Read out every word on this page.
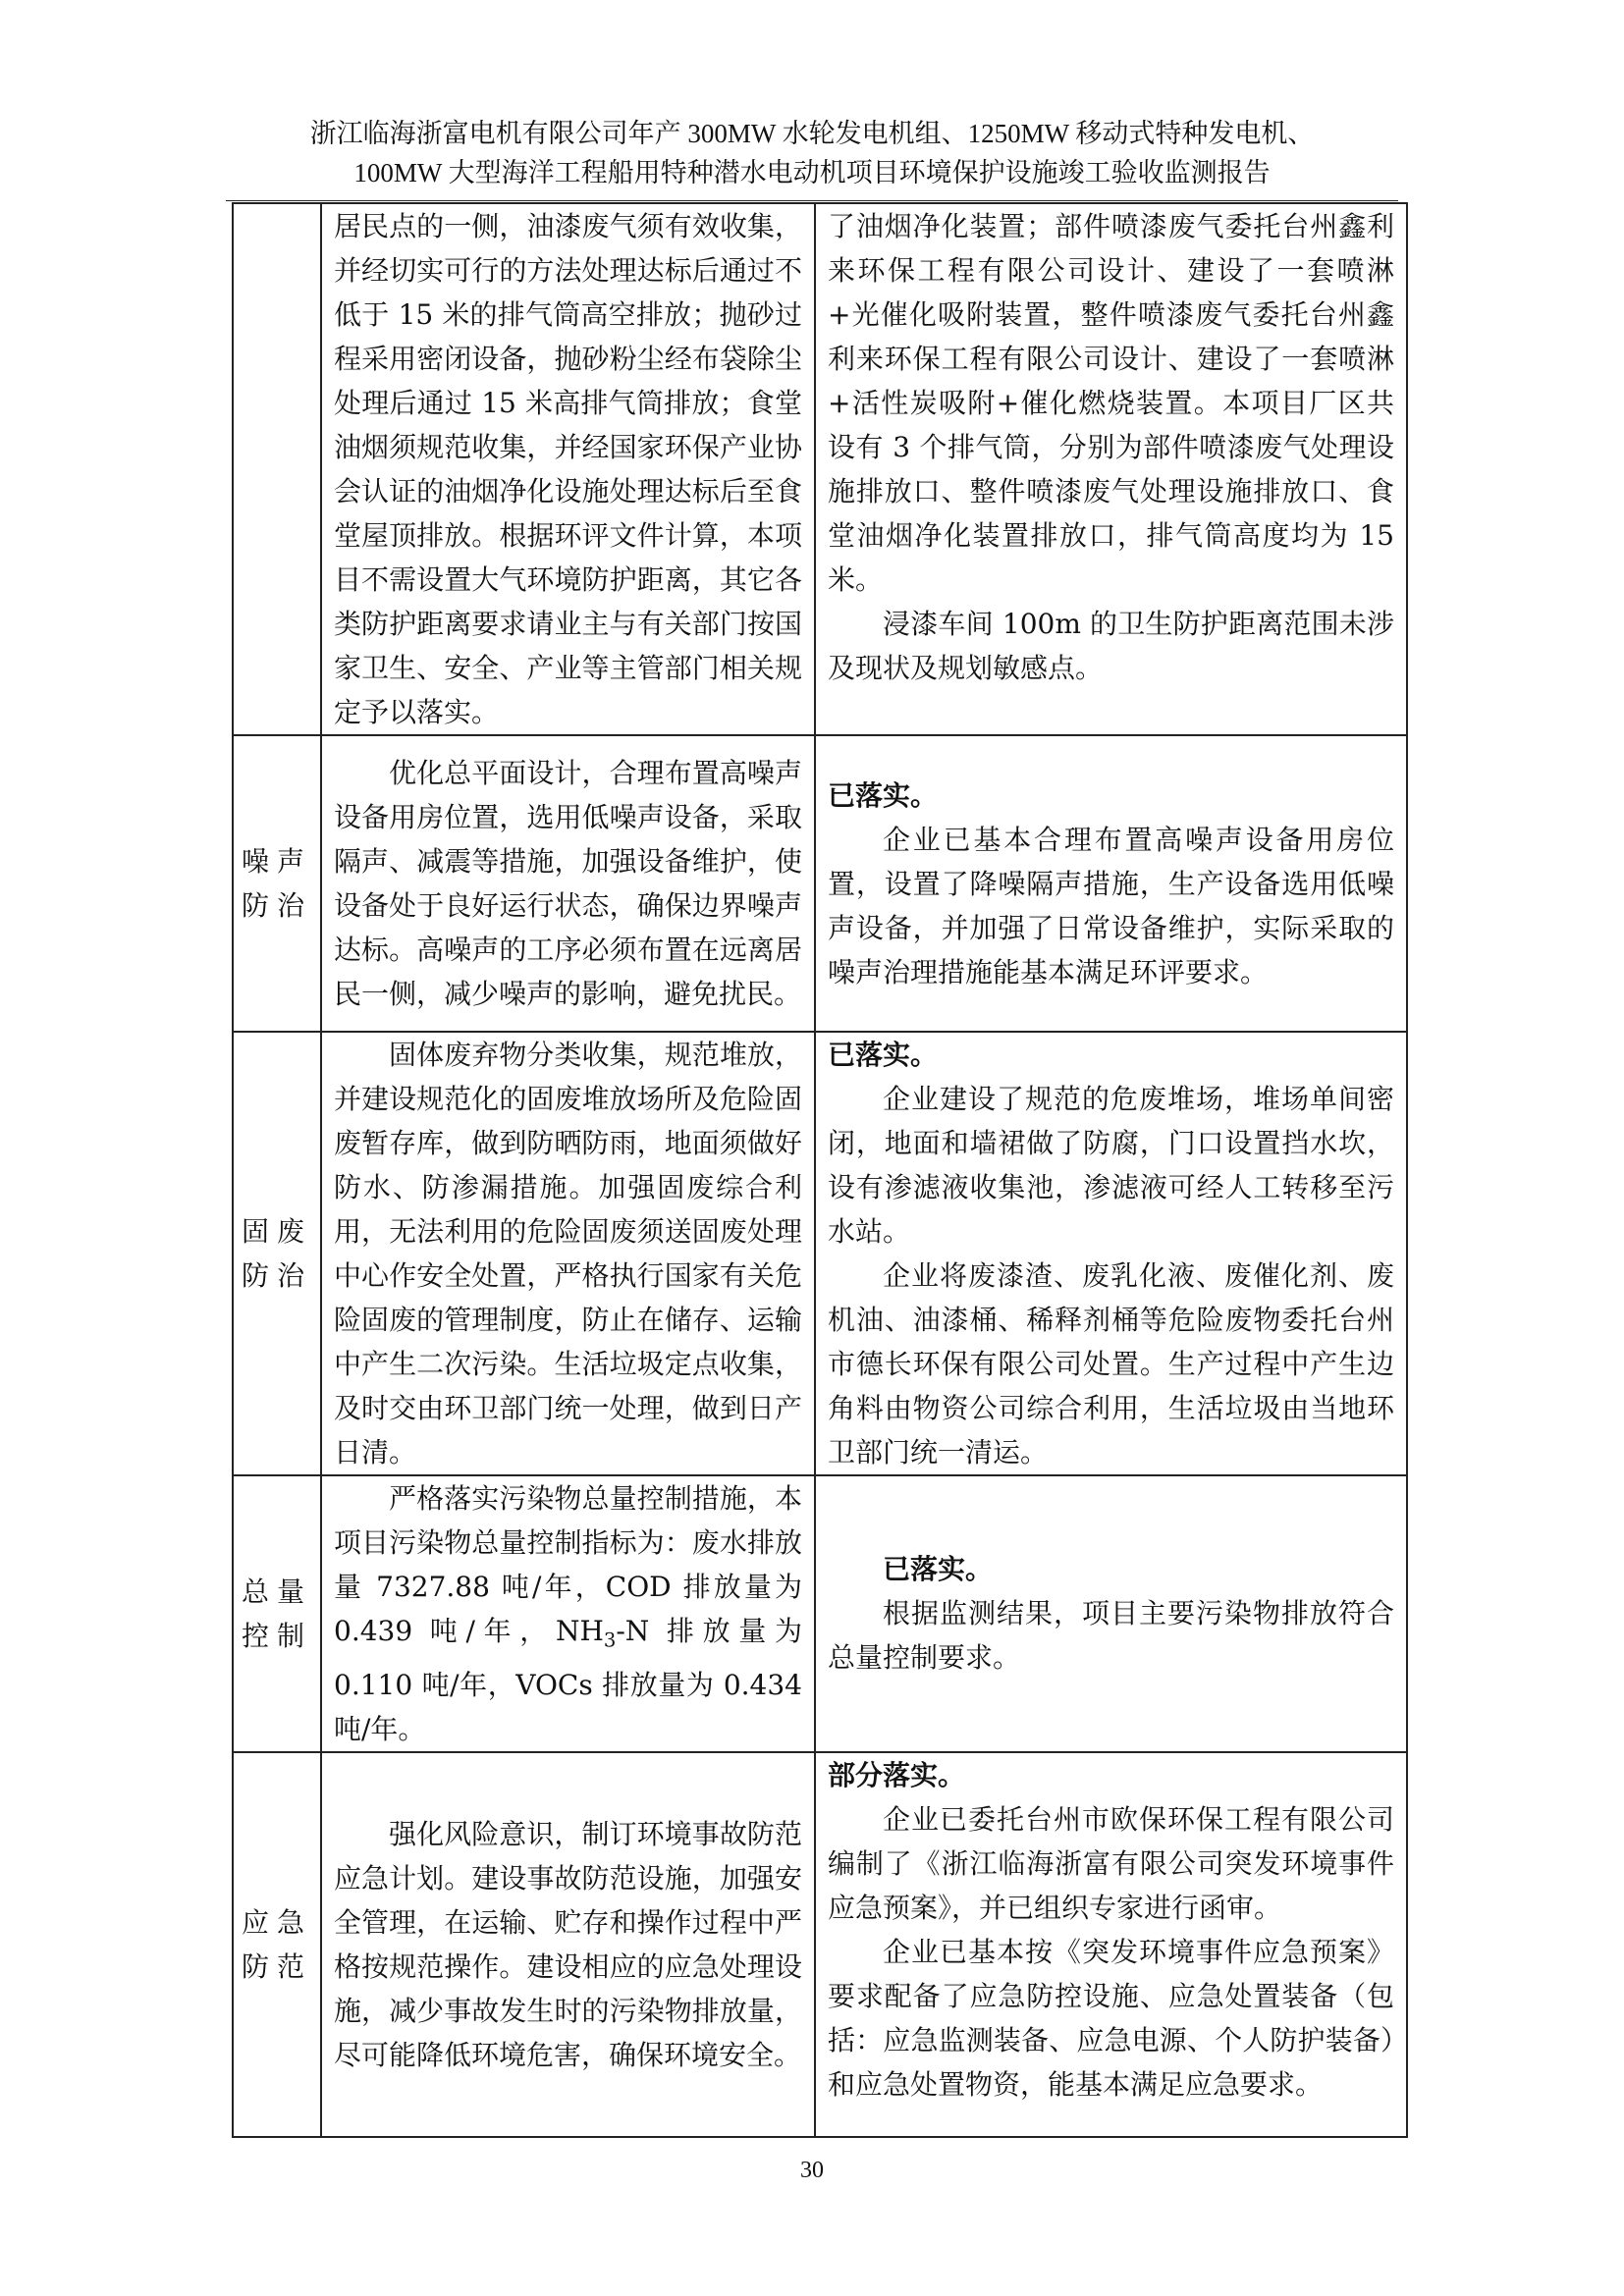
浙江临海浙富电机有限公司年产 300MW 水轮发电机组、1250MW 移动式特种发电机、
100MW 大型海洋工程船用特种潜水电动机项目环境保护设施竣工验收监测报告

	居民点的一侧，油漆废气须有效收集，并经切实可行的方法处理达标后通过不低于 15 米的排气筒高空排放；抛砂过程采用密闭设备，抛砂粉尘经布袋除尘处理后通过 15 米高排气筒排放；食堂油烟须规范收集，并经国家环保产业协会认证的油烟净化设施处理达标后至食堂屋顶排放。根据环评文件计算，本项目不需设置大气环境防护距离，其它各类防护距离要求请业主与有关部门按国家卫生、安全、产业等主管部门相关规定予以落实。	了油烟净化装置；部件喷漆废气委托台州鑫利来环保工程有限公司设计、建设了一套喷淋+光催化吸附装置，整件喷漆废气委托台州鑫利来环保工程有限公司设计、建设了一套喷淋+活性炭吸附+催化燃烧装置。本项目厂区共设有 3 个排气筒，分别为部件喷漆废气处理设施排放口、整件喷漆废气处理设施排放口、食堂油烟净化装置排放口，排气筒高度均为 15 米。

浸漆车间 100m 的卫生防护距离范围未涉及现状及规划敏感点。

噪声防治	优化总平面设计，合理布置高噪声设备用房位置，选用低噪声设备，采取隔声、减震等措施，加强设备维护，使设备处于良好运行状态，确保边界噪声达标。高噪声的工序必须布置在远离居民一侧，减少噪声的影响，避免扰民。	已落实。

企业已基本合理布置高噪声设备用房位置，设置了降噪隔声措施，生产设备选用低噪声设备，并加强了日常设备维护，实际采取的噪声治理措施能基本满足环评要求。

固废防治	固体废弃物分类收集，规范堆放，并建设规范化的固废堆放场所及危险固废暂存库，做到防晒防雨，地面须做好防水、防渗漏措施。加强固废综合利用，无法利用的危险固废须送固废处理中心作安全处置，严格执行国家有关危险固废的管理制度，防止在储存、运输中产生二次污染。生活垃圾定点收集，及时交由环卫部门统一处理，做到日产日清。	已落实。

企业建设了规范的危废堆场，堆场单间密闭，地面和墙裙做了防腐，门口设置挡水坎，设有渗滤液收集池，渗滤液可经人工转移至污水站。

企业将废漆渣、废乳化液、废催化剂、废机油、油漆桶、稀释剂桶等危险废物委托台州市德长环保有限公司处置。生产过程中产生边角料由物资公司综合利用，生活垃圾由当地环卫部门统一清运。

总量控制	严格落实污染物总量控制措施，本项目污染物总量控制指标为：废水排放量 7327.88 吨/年，COD 排放量为 0.439 吨/年，$NH_3-N$ 排放量为 0.110 吨/年，VOCs 排放量为 0.434 吨/年。	已落实。

根据监测结果，项目主要污染物排放符合总量控制要求。

应急防范	强化风险意识，制订环境事故防范应急计划。建设事故防范设施，加强安全管理，在运输、贮存和操作过程中严格按规范操作。建设相应的应急处理设施，减少事故发生时的污染物排放量，尽可能降低环境危害，确保环境安全。	部分落实。

企业已委托台州市欧保环保工程有限公司编制了《浙江临海浙富有限公司突发环境事件应急预案》，并已组织专家进行函审。

企业已基本按《突发环境事件应急预案》要求配备了应急防控设施、应急处置装备（包括：应急监测装备、应急电源、个人防护装备）和应急处置物资，能基本满足应急要求。

30
